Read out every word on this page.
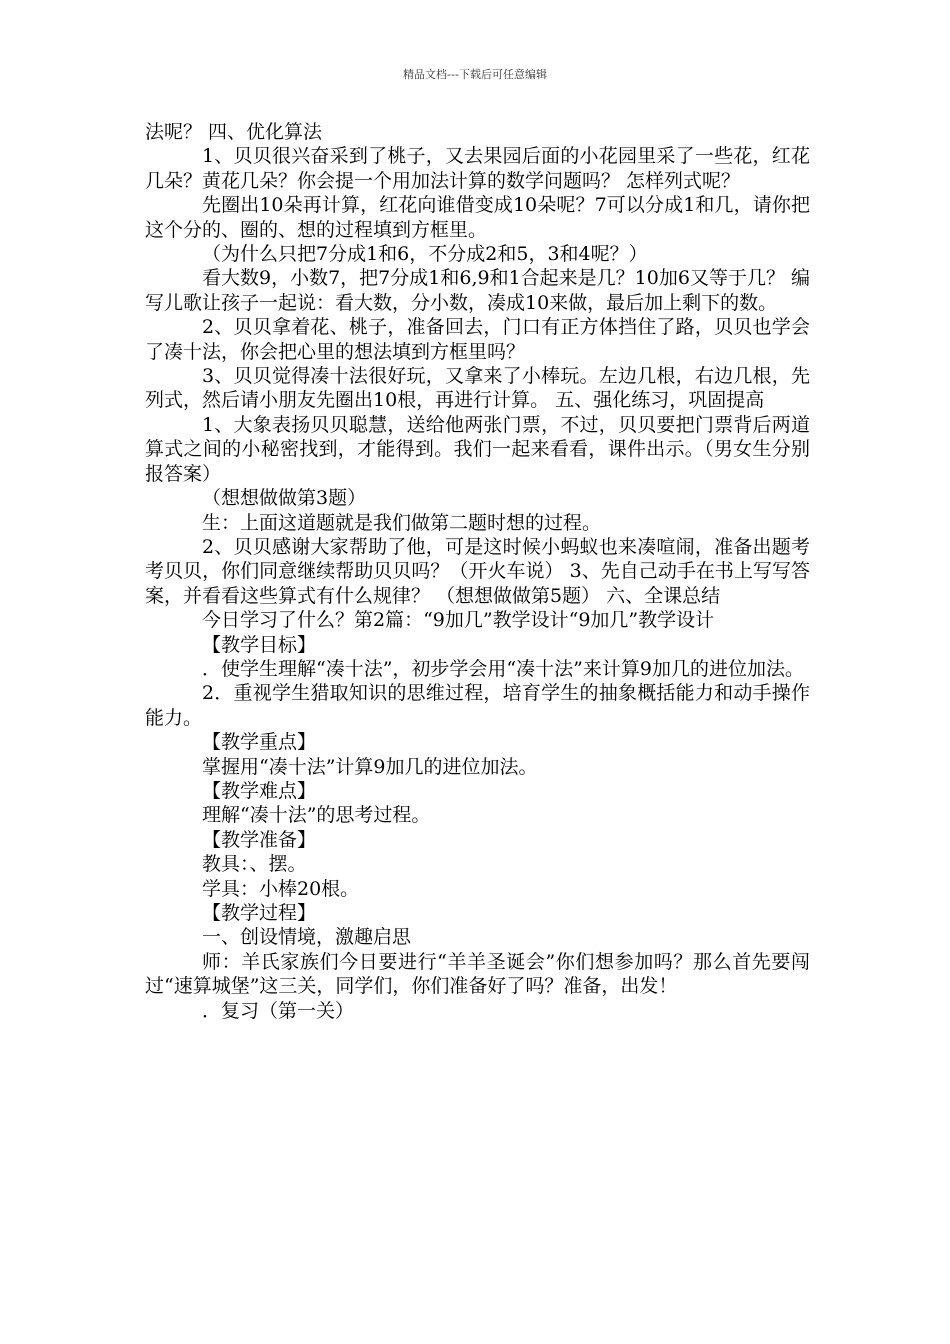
精品文档---下载后可任意编辑

法呢？ 四、优化算法

1、贝贝很兴奋采到了桃子，又去果园后面的小花园里采了一些花，红花几朵？黄花几朵？你会提一个用加法计算的数学问题吗？ 怎样列式呢？

先圈出10朵再计算，红花向谁借变成10朵呢？7可以分成1和几，请你把这个分的、圈的、想的过程填到方框里。

（为什么只把7分成1和6，不分成2和5，3和4呢？）

看大数9，小数7，把7分成1和6,9和1合起来是几？10加6又等于几？ 编写儿歌让孩子一起说：看大数，分小数，凑成10来做，最后加上剩下的数。

2、贝贝拿着花、桃子，准备回去，门口有正方体挡住了路，贝贝也学会了凑十法，你会把心里的想法填到方框里吗？

3、贝贝觉得凑十法很好玩，又拿来了小棒玩。左边几根，右边几根，先列式，然后请小朋友先圈出10根，再进行计算。 五、强化练习，巩固提高

1、大象表扬贝贝聪慧，送给他两张门票，不过，贝贝要把门票背后两道算式之间的小秘密找到，才能得到。我们一起来看看，课件出示。（男女生分别报答案）

（想想做做第3题）

生：上面这道题就是我们做第二题时想的过程。

2、贝贝感谢大家帮助了他，可是这时候小蚂蚁也来凑喧闹，准备出题考考贝贝，你们同意继续帮助贝贝吗？（开火车说） 3、先自己动手在书上写写答案，并看看这些算式有什么规律？ （想想做做第5题） 六、全课总结

今日学习了什么？第2篇：“9加几”教学设计“9加几”教学设计

【教学目标】

．使学生理解“凑十法”，初步学会用“凑十法”来计算9加几的进位加法。

2．重视学生猎取知识的思维过程，培育学生的抽象概括能力和动手操作能力。

【教学重点】

掌握用“凑十法”计算9加几的进位加法。

【教学难点】

理解“凑十法”的思考过程。

【教学准备】

教具：、摆。

学具：小棒20根。

【教学过程】

一、创设情境，激趣启思

师：羊氏家族们今日要进行“羊羊圣诞会”你们想参加吗？那么首先要闯过“速算城堡”这三关，同学们，你们准备好了吗？准备，出发！

．复习（第一关）
